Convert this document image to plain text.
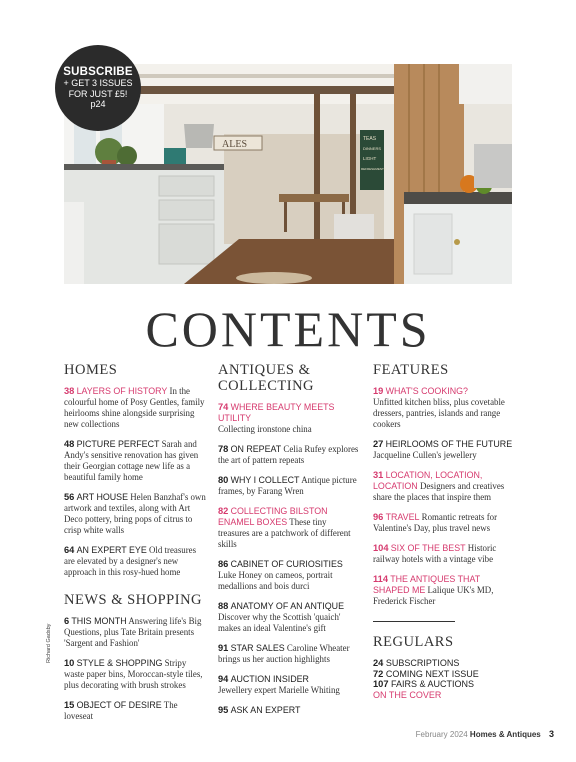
ALES	TEAS
DINNERS
LIGHT
REFRESHMENTS
SUBSCRIBE
+ GET 3 ISSUES
FOR JUST £5!
p24
CONTENTS
HOMES
38 LAYERS OF HISTORY In the colourful home of Posy Gentles, family heirlooms shine alongside surprising new collections
48 PICTURE PERFECT Sarah and Andy's sensitive renovation has given their Georgian cottage new life as a beautiful family home
56 ART HOUSE Helen Banzhaf's own artwork and textiles, along with Art Deco pottery, bring pops of citrus to crisp white walls
64 AN EXPERT EYE Old treasures are elevated by a designer's new approach in this rosy-hued home
NEWS & SHOPPING
6 THIS MONTH Answering life's Big Questions, plus Tate Britain presents 'Sargent and Fashion'
10 STYLE & SHOPPING Stripy waste paper bins, Moroccan-style tiles, plus decorating with brush strokes
15 OBJECT OF DESIRE The loveseat
ANTIQUES &
COLLECTING
74 WHERE BEAUTY MEETS UTILITY
Collecting ironstone china
78 ON REPEAT Celia Rufey explores the art of pattern repeats
80 WHY I COLLECT Antique picture frames, by Farang Wren
82 COLLECTING BILSTON ENAMEL BOXES These tiny treasures are a patchwork of different skills
86 CABINET OF CURIOSITIES
Luke Honey on cameos, portrait medallions and bois durci
88 ANATOMY OF AN ANTIQUE
Discover why the Scottish 'quaich' makes an ideal Valentine's gift
91 STAR SALES Caroline Wheater brings us her auction highlights
94 AUCTION INSIDER
Jewellery expert Marielle Whiting
95 ASK AN EXPERT
FEATURES
19 WHAT'S COOKING?
Unfitted kitchen bliss, plus covetable dressers, pantries, islands and range cookers
27 HEIRLOOMS OF THE FUTURE
Jacqueline Cullen's jewellery
31 LOCATION, LOCATION, LOCATION Designers and creatives share the places that inspire them
96 TRAVEL Romantic retreats for Valentine's Day, plus travel news
104 SIX OF THE BEST Historic railway hotels with a vintage vibe
114 THE ANTIQUES THAT SHAPED ME Lalique UK's MD, Frederick Fischer
REGULARS
24 SUBSCRIPTIONS
72 COMING NEXT ISSUE
107 FAIRS & AUCTIONS
ON THE COVER
Richard Gadsby
February 2024 Homes & Antiques 3
